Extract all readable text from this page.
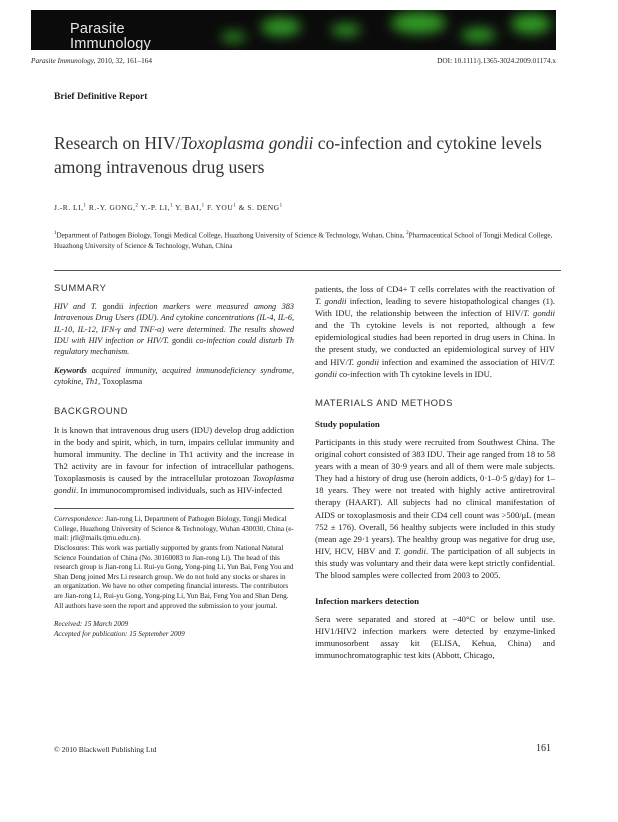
Parasite
Immunology
Parasite Immunology, 2010, 32, 161–164	DOI: 10.1111/j.1365-3024.2009.01174.x
Brief Definitive Report
Research on HIV/Toxoplasma gondii co-infection and cytokine levels among intravenous drug users
J.-R. LI,$^1$ R.-Y. GONG,$^2$ Y.-P. LI,$^1$ Y. BAI,$^1$ F. YOU$^1$ & S. DENG$^1$
$^1$Department of Pathogen Biology, Tongji Medical College, Huazhong University of Science & Technology, Wuhan, China, $^2$Pharmaceutical School of Tongji Medical College, Huazhong University of Science & Technology, Wuhan, China

SUMMARY

HIV and T. gondii infection markers were measured among 383 Intravenous Drug Users (IDU). And cytokine concentrations (IL-4, IL-6, IL-10, IL-12, IFN-γ and TNF-α) were determined. The results showed IDU with HIV infection or HIV/T. gondii co-infection could disturb Th regulatory mechanism.

Keywords acquired immunity, acquired immunodeficiency syndrome, cytokine, Th1, Toxoplasma

BACKGROUND

It is known that intravenous drug users (IDU) develop drug addiction in the body and spirit, which, in turn, impairs cellular immunity and humoral immunity. The decline in Th1 activity and the increase in Th2 activity are in favour for infection of intracellular pathogens. Toxoplasmosis is caused by the intracellular protozoan Toxoplasma gondii. In immunocompromised individuals, such as HIV-infected

Correspondence: Jian-rong Li, Department of Pathogen Biology, Tongji Medical College, Huazhong University of Science & Technology, Wuhan 430030, China (e-mail: jrli@mails.tjmu.edu.cn).

Disclosures: This work was partially supported by grants from National Natural Science Foundation of China (No. 30160083 to Jian-rong Li). The head of this research group is Jian-rong Li. Rui-yu Gong, Yong-ping Li, Yun Bai, Feng You and Shan Deng joined Mrs Li research group. We do not hold any stocks or shares in an organization. We have no other competing financial interests. The contributors are Jian-rong Li, Rui-yu Gong, Yong-ping Li, Yun Bai, Feng You and Shan Deng. All authors have seen the report and approved the submission to your journal.

Received: 15 March 2009

Accepted for publication: 15 September 2009

patients, the loss of CD4+ T cells correlates with the reactivation of T. gondii infection, leading to severe histopathological changes (1). With IDU, the relationship between the infection of HIV/T. gondii and the Th cytokine levels is not reported, although a few epidemiological studies had been reported in drug users in China. In the present study, we conducted an epidemiological survey of HIV and HIV/T. gondii infection and examined the association of HIV/T. gondii co-infection with Th cytokine levels in IDU.

MATERIALS AND METHODS

Study population

Participants in this study were recruited from Southwest China. The original cohort consisted of 383 IDU. Their age ranged from 18 to 58 years with a mean of 30·9 years and all of them were male subjects. They had a history of drug use (heroin addicts, 0·1–0·5 g/day) for 1–18 years. They were not treated with highly active antiretroviral therapy (HAART). All subjects had no clinical manifestation of AIDS or toxoplasmosis and their CD4 cell count was >500/μL (mean 752 ± 176). Overall, 56 healthy subjects were included in this study (mean age 29·1 years). The healthy group was negative for drug use, HIV, HCV, HBV and T. gondii. The participation of all subjects in this study was voluntary and their data were kept strictly confidential. The blood samples were collected from 2003 to 2005.

Infection markers detection

Sera were separated and stored at −40°C or below until use. HIV1/HIV2 infection markers were detected by enzyme-linked immunosorbent assay kit (ELISA, Kehua, China) and immunochromatographic test kits (Abbott, Chicago,

© 2010 Blackwell Publishing Ltd	161
